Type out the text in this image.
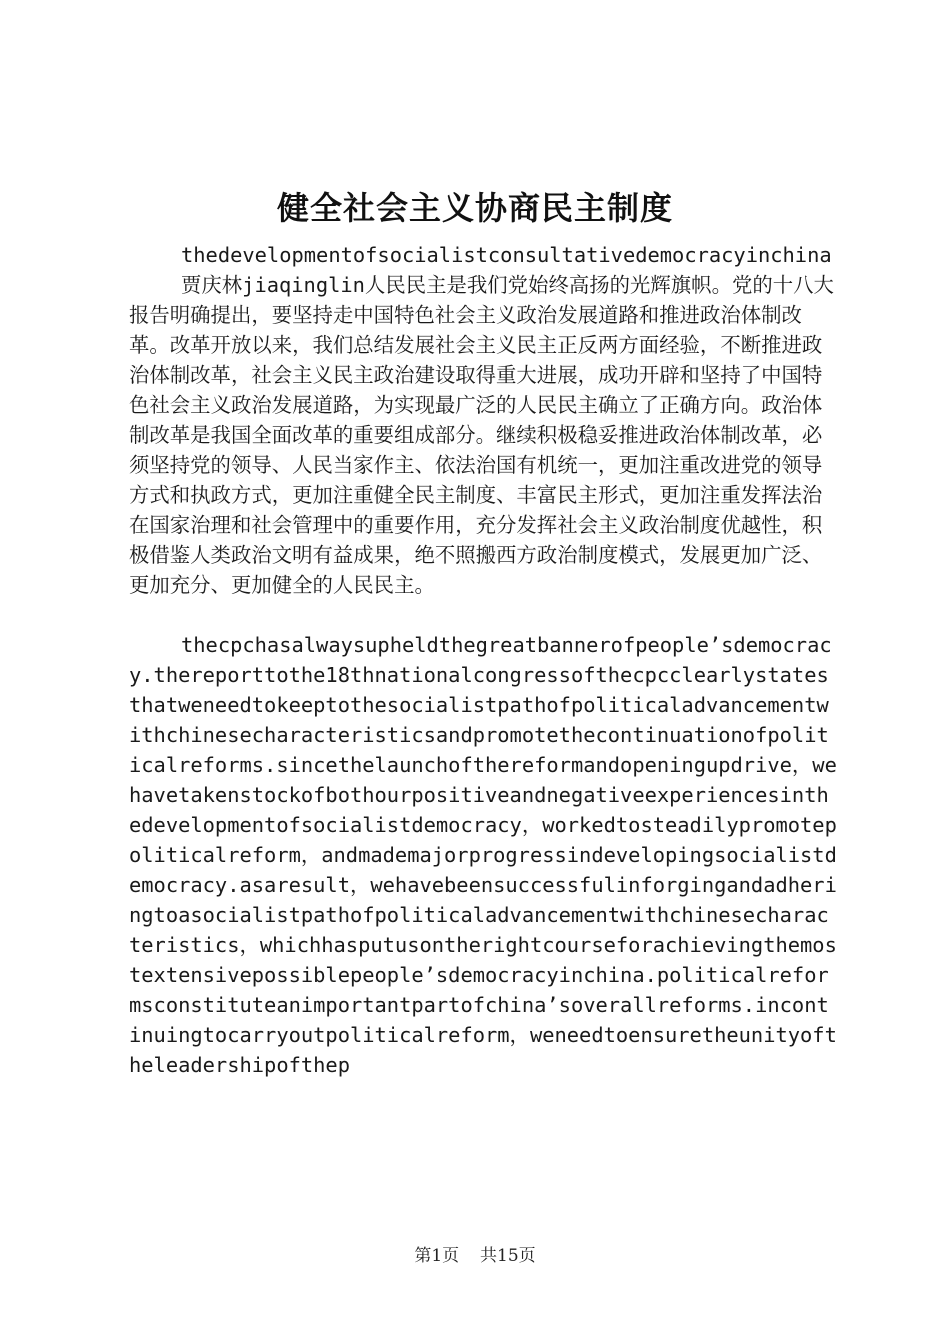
健全社会主义协商民主制度

thedevelopmentofsocialistconsultativedemocracyinchina

贾庆林jiaqinglin人民民主是我们党始终高扬的光辉旗帜。党的十八大报告明确提出，要坚持走中国特色社会主义政治发展道路和推进政治体制改革。改革开放以来，我们总结发展社会主义民主正反两方面经验，不断推进政治体制改革，社会主义民主政治建设取得重大进展，成功开辟和坚持了中国特色社会主义政治发展道路，为实现最广泛的人民民主确立了正确方向。政治体制改革是我国全面改革的重要组成部分。继续积极稳妥推进政治体制改革，必须坚持党的领导、人民当家作主、依法治国有机统一，更加注重改进党的领导方式和执政方式，更加注重健全民主制度、丰富民主形式，更加注重发挥法治在国家治理和社会管理中的重要作用，充分发挥社会主义政治制度优越性，积极借鉴人类政治文明有益成果，绝不照搬西方政治制度模式，发展更加广泛、更加充分、更加健全的人民民主。

thecpchasalwaysupheldthegreatbannerofpeople’sdemocracy.thereporttothe18thnationalcongressofthecpcclearlystatesthatweneedtokeeptothesocialistpathofpoliticaladvancementwithchinesecharacteristicsandpromotethecontinuationofpoliticalreforms.sincethelaunchofthereformandopeningupdrive，wehavetakenstockofbothourpositiveandnegativeexperiencesinthedevelopmentofsocialistdemocracy，workedtosteadilypromotepoliticalreform，andmademajorprogressindevelopingsocialistdemocracy.asaresult，wehavebeensuccessfulinforgingandadheringtoasocialistpathofpoliticaladvancementwithchinesecharacteristics，whichhasputusontherightcourseforachievingthemostextensivepossiblepeople’sdemocracyinchina.politicalreformsconstituteanimportantpartofchina’soverallreforms.incontinuingtocarryoutpoliticalreform，weneedtoensuretheunityoftheleadershipofthep

第1页 共15页
